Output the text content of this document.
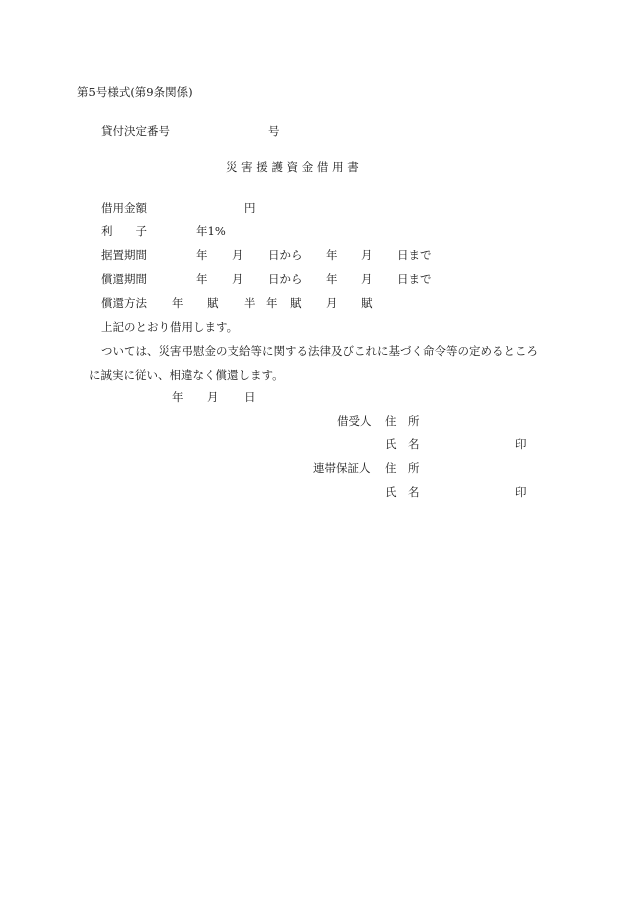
第5号様式(第9条関係)
貸付決定番号	号
災 害 援 護 資 金 借 用 書
借用金額	円
利　　子	年1%
据置期間	年 月 日から 年 月 日まで
償還期間	年 月 日から 年 月 日まで
償還方法 年 賦 半 年 賦 月 賦
上記のとおり借用します。
ついては、災害弔慰金の支給等に関する法律及びこれに基づく命令等の定めるところ
に誠実に従い、相違なく償還します。
年 月 日
借受人 住　所
氏　名	印
連帯保証人 住　所
氏　名	印
